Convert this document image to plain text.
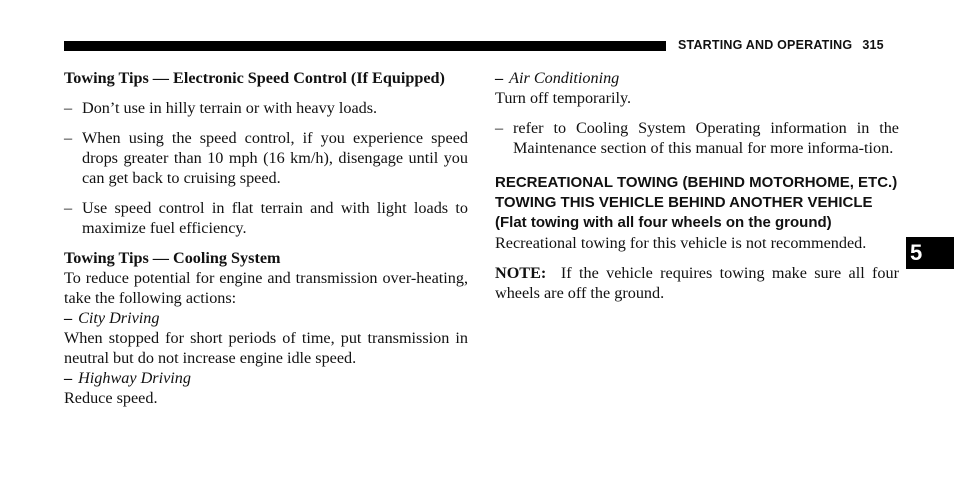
STARTING AND OPERATING 315

Towing Tips — Electronic Speed Control (If Equipped)

– Don’t use in hilly terrain or with heavy loads.
– When using the speed control, if you experience speed drops greater than 10 mph (16 km/h), disengage until you can get back to cruising speed.
– Use speed control in flat terrain and with light loads to maximize fuel efficiency.

Towing Tips — Cooling System

To reduce potential for engine and transmission over-heating, take the following actions:

– City Driving

When stopped for short periods of time, put transmission in neutral but do not increase engine idle speed.

– Highway Driving

Reduce speed.

– Air Conditioning

Turn off temporarily.

– refer to Cooling System Operating information in the Maintenance section of this manual for more informa-tion.

RECREATIONAL TOWING (BEHIND MOTORHOME, ETC.)

TOWING THIS VEHICLE BEHIND ANOTHER VEHICLE (Flat towing with all four wheels on the ground)

Recreational towing for this vehicle is not recommended.

NOTE: If the vehicle requires towing make sure all four wheels are off the ground.

5
